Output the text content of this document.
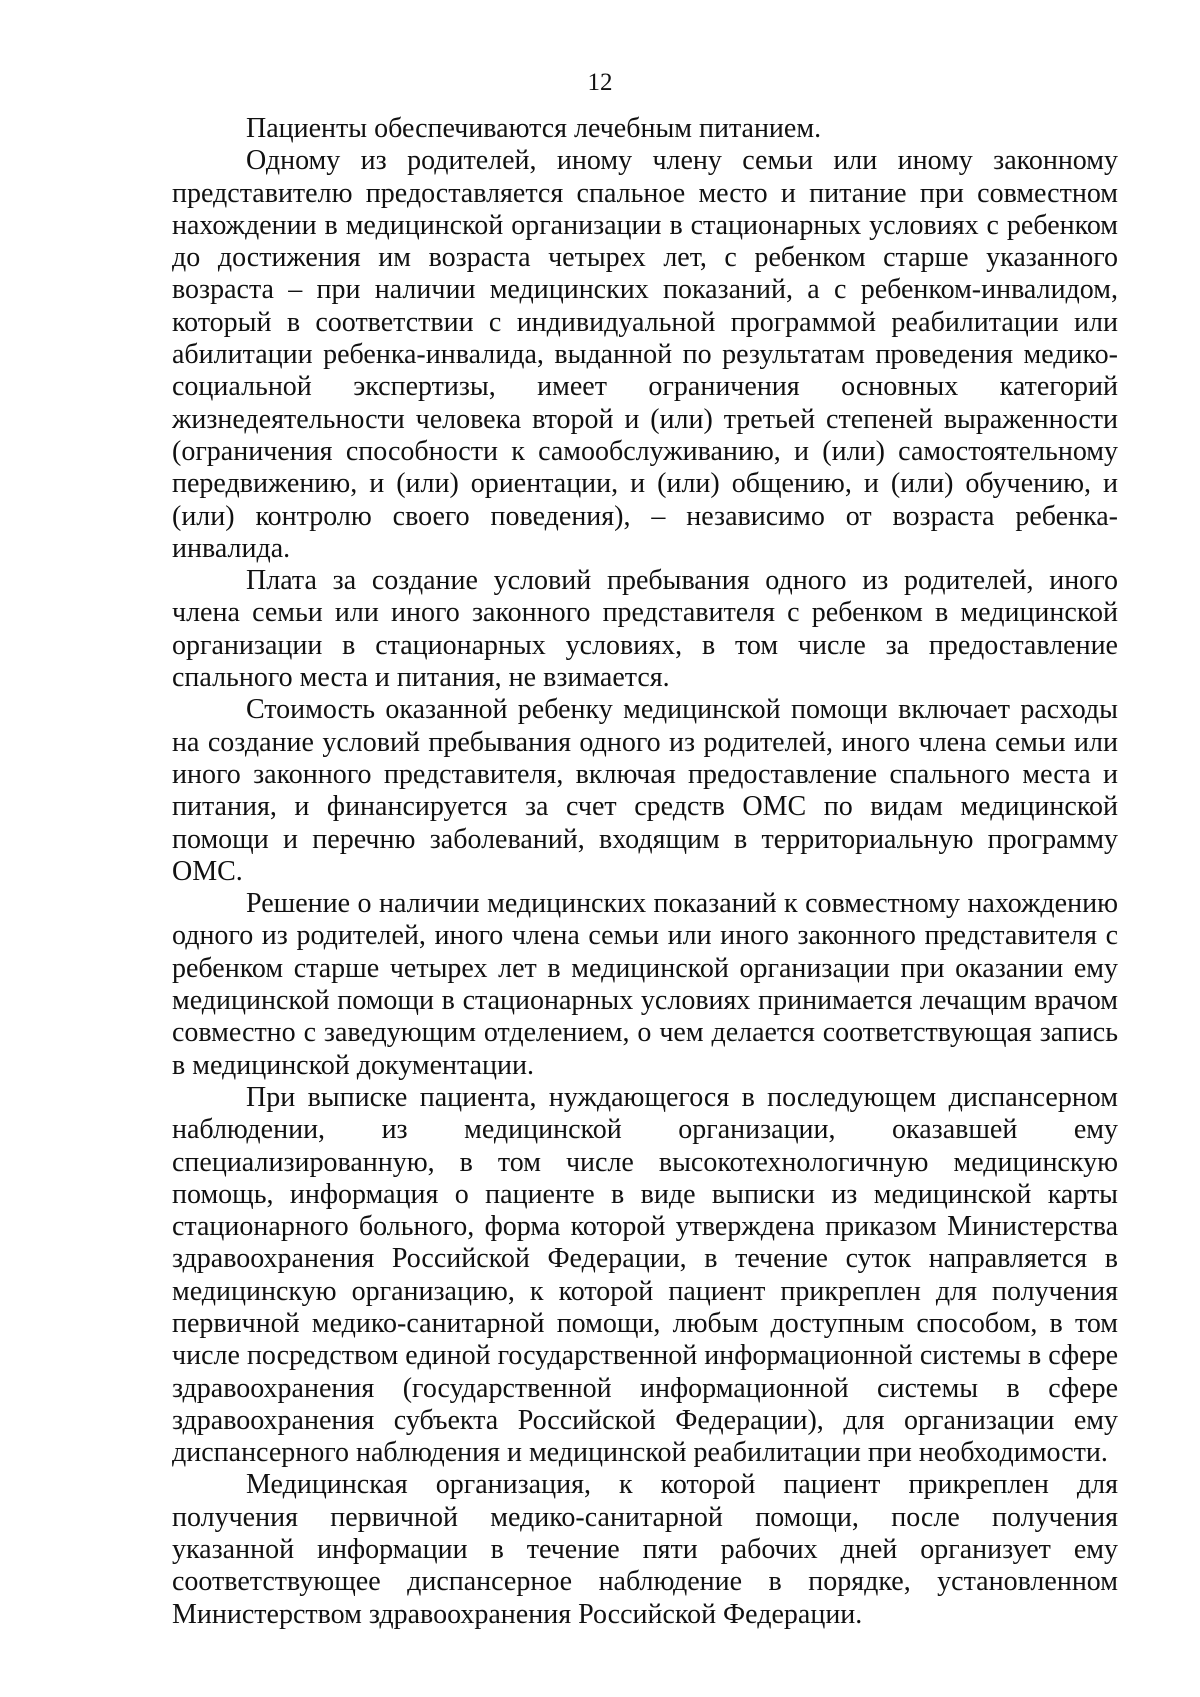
12

Пациенты обеспечиваются лечебным питанием.

Одному из родителей, иному члену семьи или иному законному представителю предоставляется спальное место и питание при совместном нахождении в медицинской организации в стационарных условиях с ребенком до достижения им возраста четырех лет, с ребенком старше указанного возраста – при наличии медицинских показаний, а с ребенком-инвалидом, который в соответствии с индивидуальной программой реабилитации или абилитации ребенка-инвалида, выданной по результатам проведения медико-социальной экспертизы, имеет ограничения основных категорий жизнедеятельности человека второй и (или) третьей степеней выраженности (ограничения способности к самообслуживанию, и (или) самостоятельному передвижению, и (или) ориентации, и (или) общению, и (или) обучению, и (или) контролю своего поведения), – независимо от возраста ребенка-инвалида.

Плата за создание условий пребывания одного из родителей, иного члена семьи или иного законного представителя с ребенком в медицинской организации в стационарных условиях, в том числе за предоставление спального места и питания, не взимается.

Стоимость оказанной ребенку медицинской помощи включает расходы на создание условий пребывания одного из родителей, иного члена семьи или иного законного представителя, включая предоставление спального места и питания, и финансируется за счет средств ОМС по видам медицинской помощи и перечню заболеваний, входящим в территориальную программу ОМС.

Решение о наличии медицинских показаний к совместному нахождению одного из родителей, иного члена семьи или иного законного представителя с ребенком старше четырех лет в медицинской организации при оказании ему медицинской помощи в стационарных условиях принимается лечащим врачом совместно с заведующим отделением, о чем делается соответствующая запись в медицинской документации.

При выписке пациента, нуждающегося в последующем диспансерном наблюдении, из медицинской организации, оказавшей ему специализированную, в том числе высокотехнологичную медицинскую помощь, информация о пациенте в виде выписки из медицинской карты стационарного больного, форма которой утверждена приказом Министерства здравоохранения Российской Федерации, в течение суток направляется в медицинскую организацию, к которой пациент прикреплен для получения первичной медико-санитарной помощи, любым доступным способом, в том числе посредством единой государственной информационной системы в сфере здравоохранения (государственной информационной системы в сфере здравоохранения субъекта Российской Федерации), для организации ему диспансерного наблюдения и медицинской реабилитации при необходимости.

Медицинская организация, к которой пациент прикреплен для получения первичной медико-санитарной помощи, после получения указанной информации в течение пяти рабочих дней организует ему соответствующее диспансерное наблюдение в порядке, установленном Министерством здравоохранения Российской Федерации.
